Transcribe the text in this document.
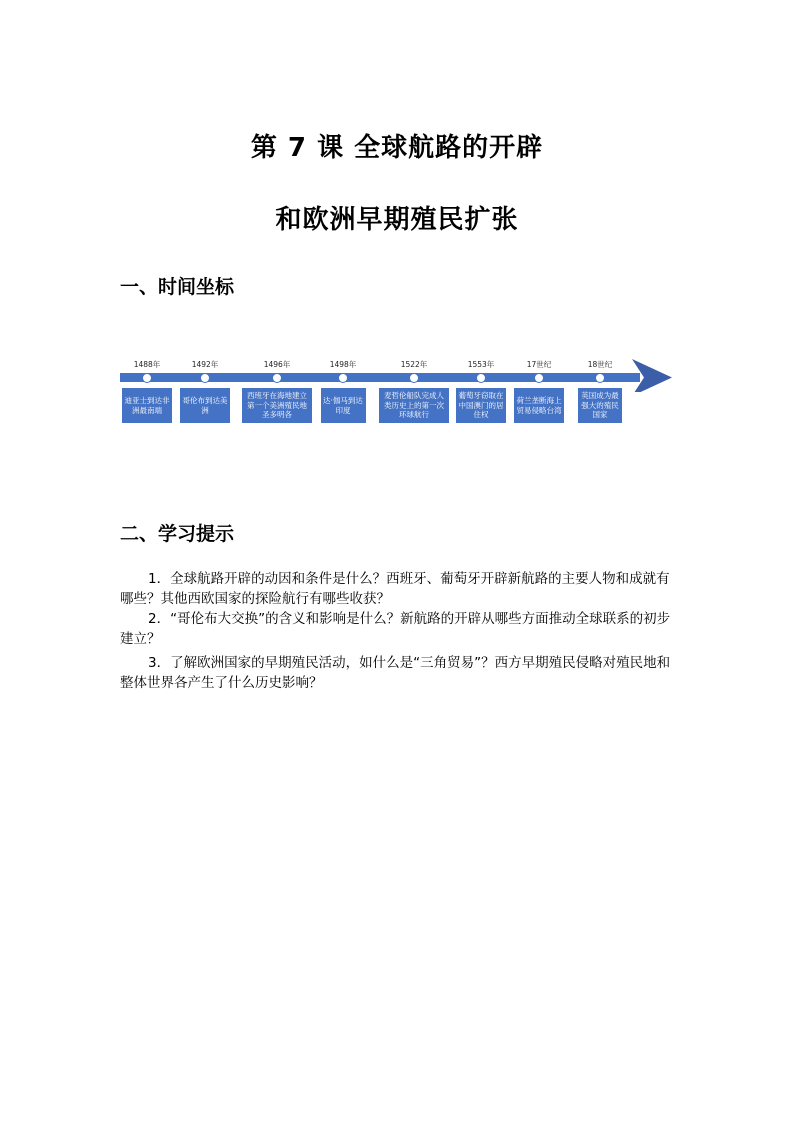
第 7 课 全球航路的开辟
和欧洲早期殖民扩张
一、时间坐标
1488年
迪亚士到达非洲最南端
1492年
哥伦布到达美洲
1496年
西班牙在海地建立第一个美洲殖民地圣多明各
1498年
达·伽马到达印度
1522年
麦哲伦船队完成人类历史上的第一次环球航行
1553年
葡萄牙窃取在中国澳门的居住权
17世纪
荷兰垄断海上贸易侵略台湾
18世纪
英国成为最强大的殖民国家
二、学习提示

1．全球航路开辟的动因和条件是什么？西班牙、葡萄牙开辟新航路的主要人物和成就有哪些？其他西欧国家的探险航行有哪些收获？

2．“哥伦布大交换”的含义和影响是什么？新航路的开辟从哪些方面推动全球联系的初步建立？

3．了解欧洲国家的早期殖民活动，如什么是“三角贸易”？西方早期殖民侵略对殖民地和整体世界各产生了什么历史影响？
